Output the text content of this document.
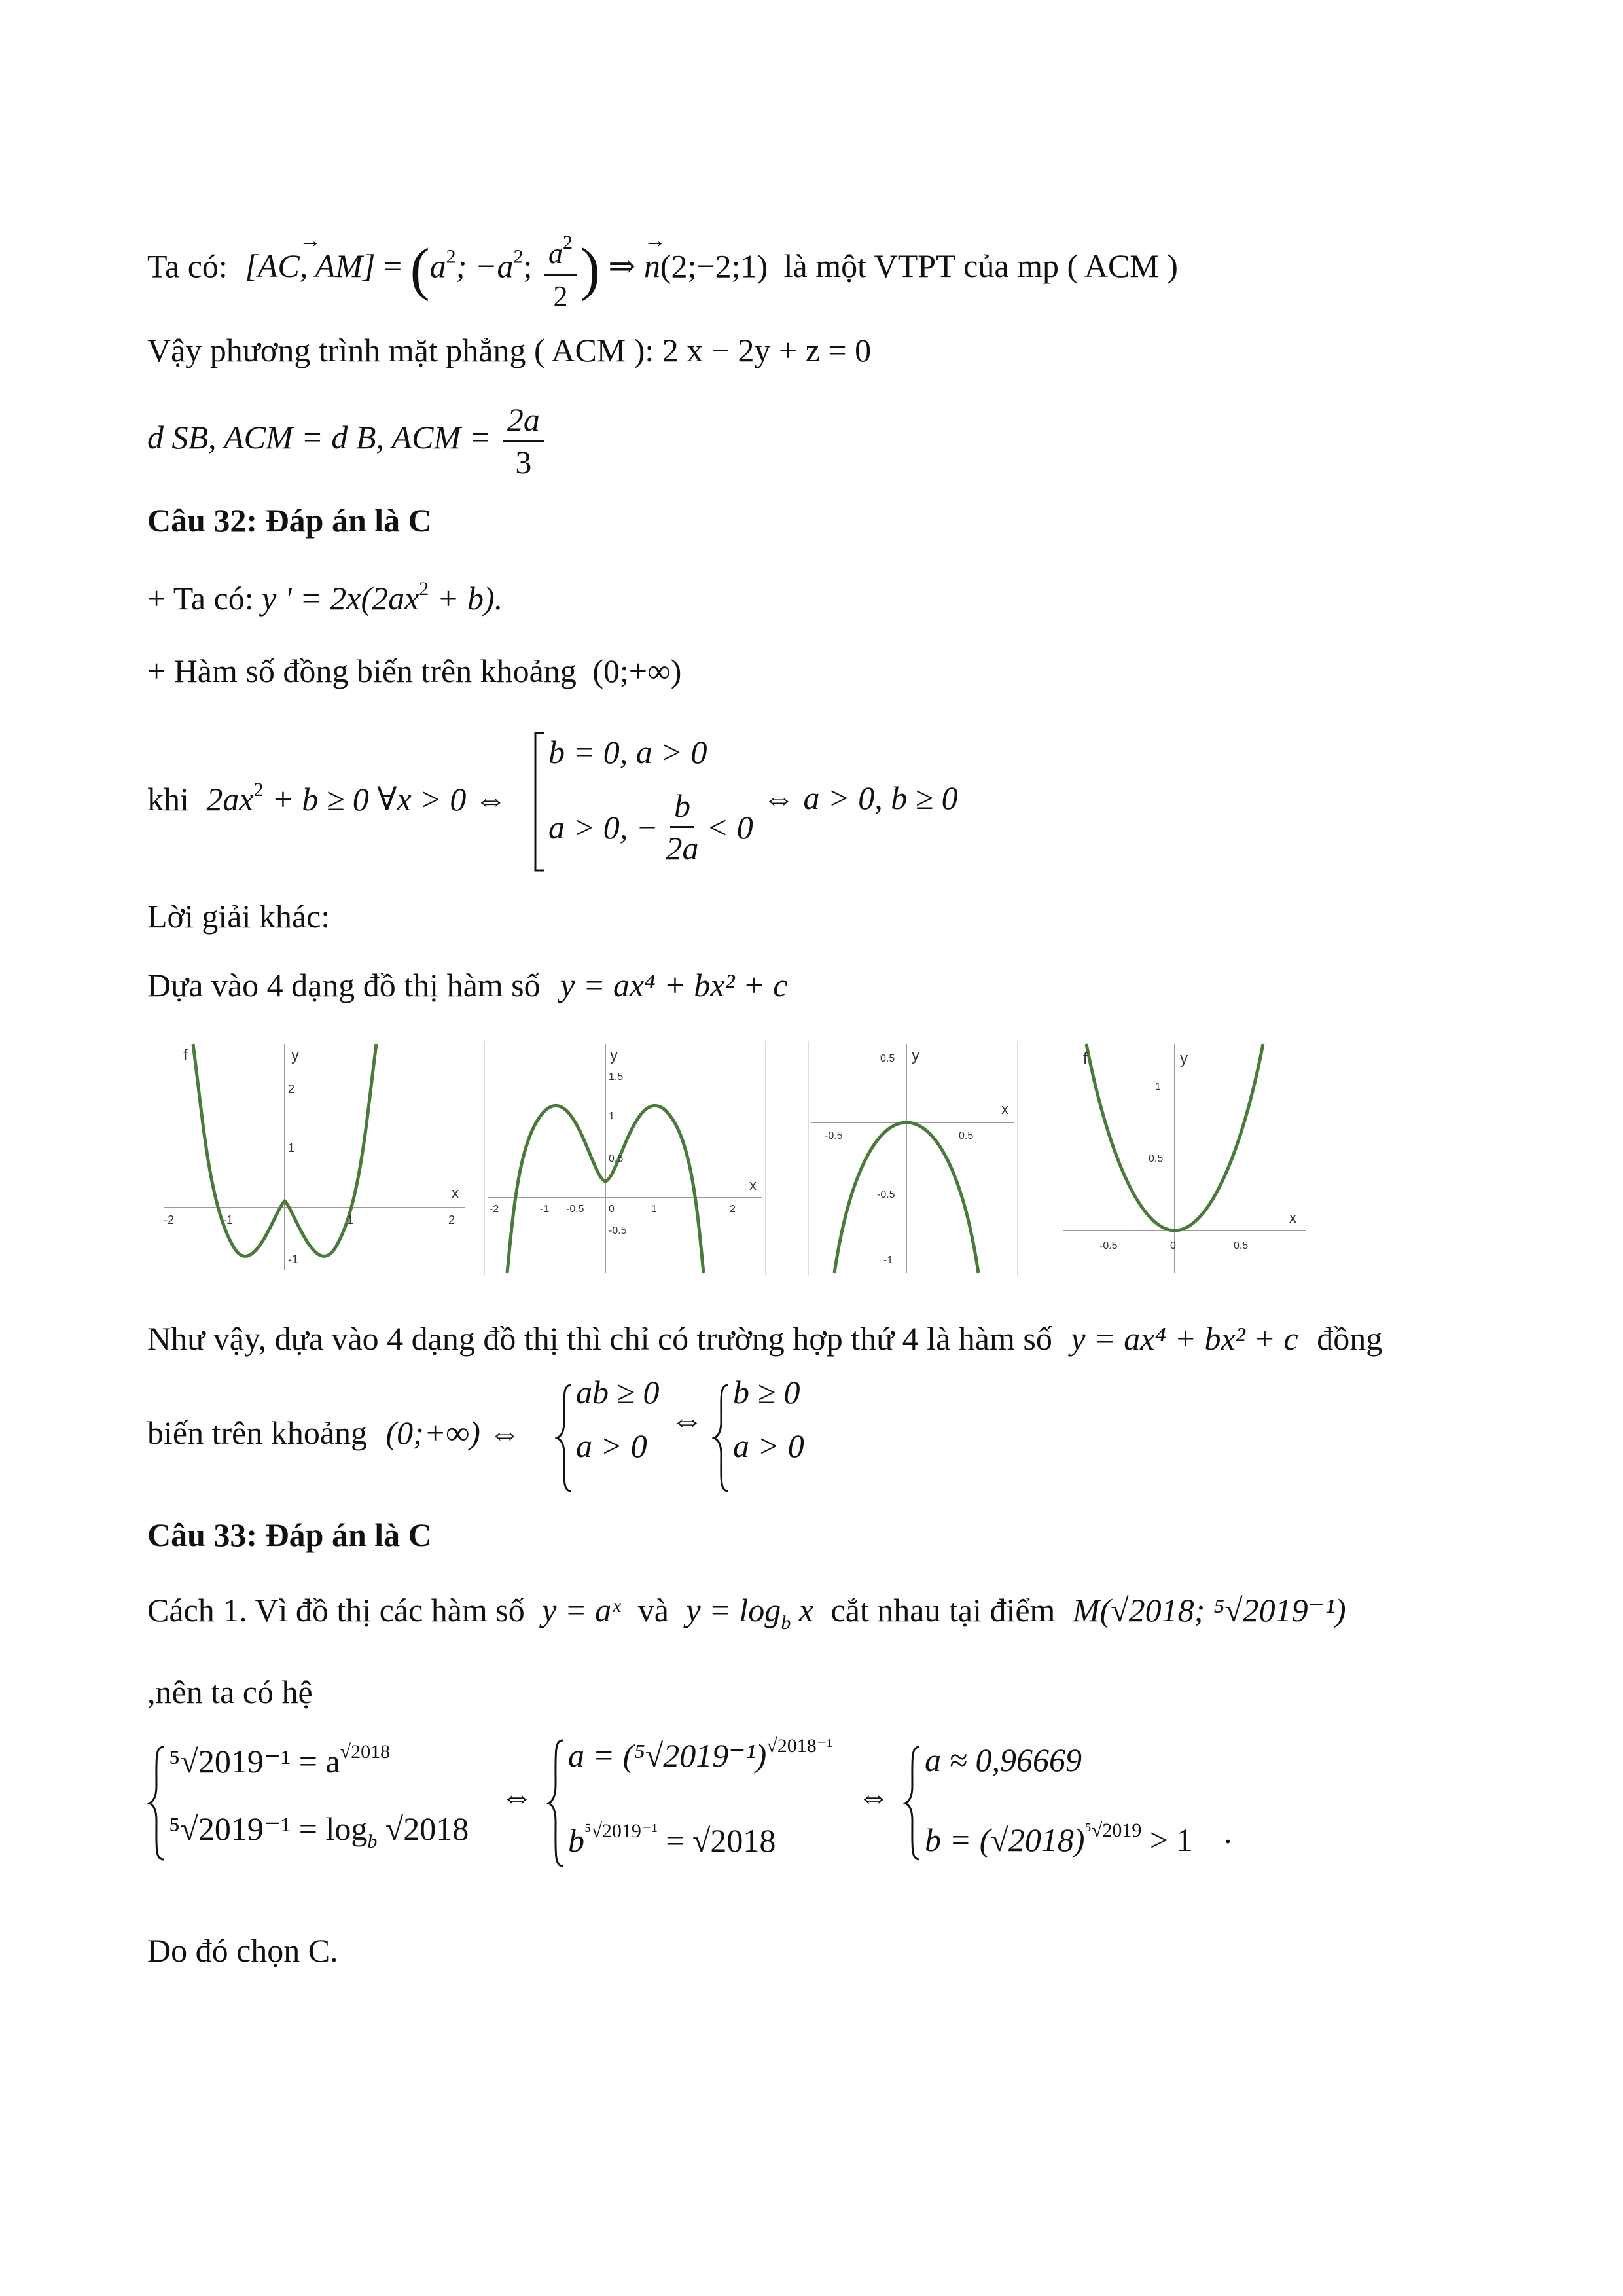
Ta có: [→ AC, $AM] = (a^2$; $-a^2$; $\frac{a^2}{2}$ ) ⇒ → n(2;−2;1) là một VTPT của mp ( ACM )
Vậy phương trình mặt phẳng ( ACM ): 2 x − 2y + z = 0
d SB, ACM = d B, ACM = $\frac{2a}{3}$
Câu 32: Đáp án là C
+ Ta có: y ' = $2x(2ax^2 + b)$.
+ Hàm số đồng biến trên khoảng (0;+∞)
khi $2ax^2 + b \ge 0$ ∀x > 0 ⇔
b = 0, a > 0
a > 0, − $\frac{b}{2a} < 0$
⇔ a > 0, b ≥ 0
Lời giải khác:
Dựa vào 4 dạng đồ thị hàm số y = ax⁴ + bx² + c
f	y
x
2
1
-1
-2	2
-1	1
y
x
1.5
1
0.5
-0.5
-2	-1 -0.5 0	1	2
y
x
0.5
-0.5
-1
-0.5	0.5
f	y
x
1
0.5
-0.5	0	0.5
Như vậy, dựa vào 4 dạng đồ thị thì chỉ có trường hợp thứ 4 là hàm số y = ax⁴ + bx² + c đồng
biến trên khoảng (0;+∞) ⇔
ab ≥ 0
a > 0
⇔
b ≥ 0
a > 0
Câu 33: Đáp án là C
Cách 1. Vì đồ thị các hàm số y = aˣ và $y = \log_b x$ cắt nhau tại điểm M(√2018; ⁵√2019⁻¹)
,nên ta có hệ
$^5√2019^{-1} = a^{√2018}$
$^5√2019^{-1} = \log_b √2018$
⇔
$a = (^5√2019^{-1})^{√2018^{-1}}$
$b^{^5√2019^{-1}} = √2018$
⇔
a ≈ 0,96669
$b = (√2018)^{^5√2019} > 1$ .
Do đó chọn C.
